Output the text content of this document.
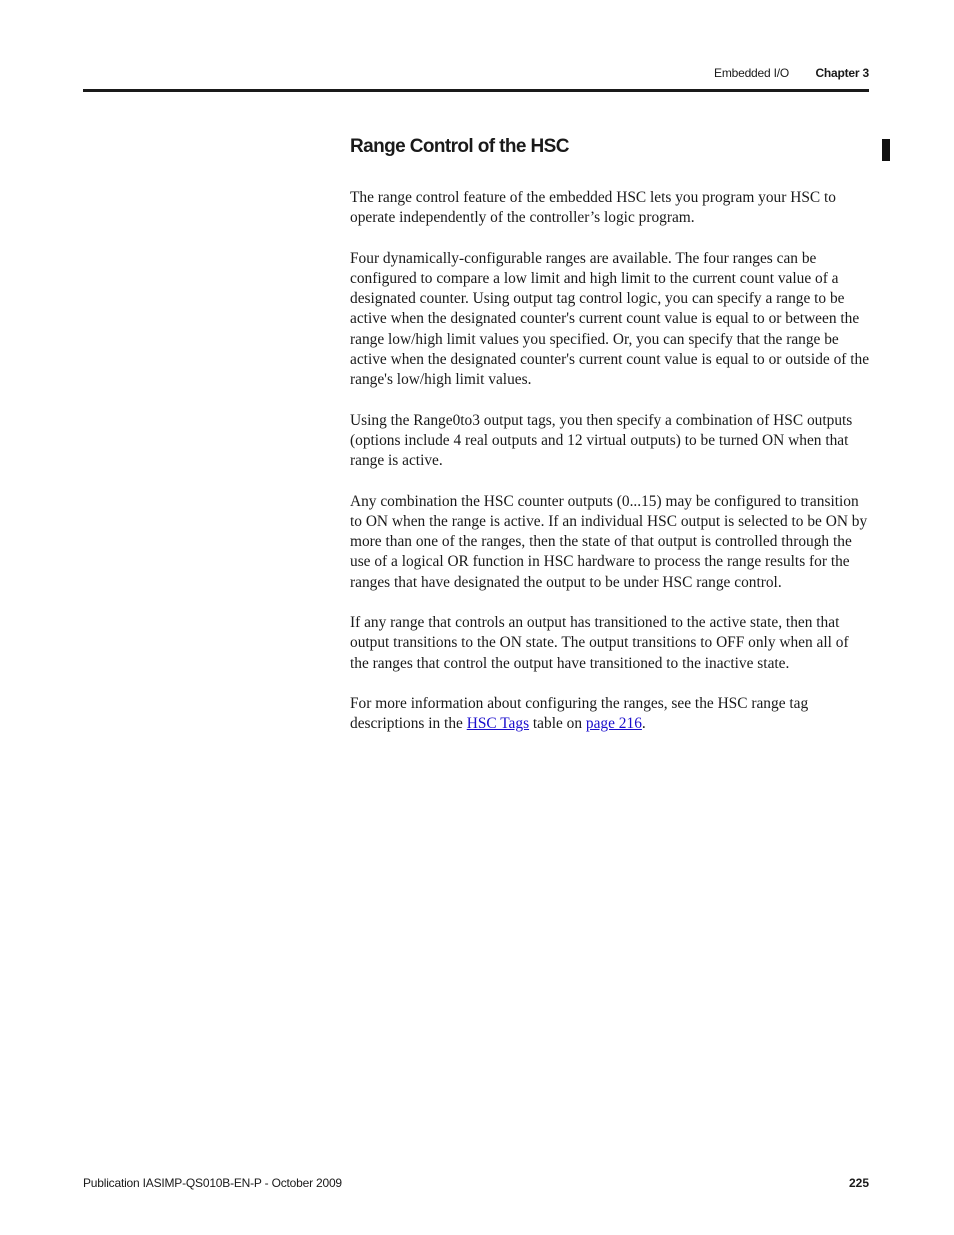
Embedded I/O Chapter 3
Range Control of the HSC

The range control feature of the embedded HSC lets you program your HSC to operate independently of the controller’s logic program.

Four dynamically-configurable ranges are available. The four ranges can be configured to compare a low limit and high limit to the current count value of a designated counter. Using output tag control logic, you can specify a range to be active when the designated counter's current count value is equal to or between the range low/high limit values you specified. Or, you can specify that the range be active when the designated counter's current count value is equal to or outside of the range's low/high limit values.

Using the Range0to3 output tags, you then specify a combination of HSC outputs (options include 4 real outputs and 12 virtual outputs) to be turned ON when that range is active.

Any combination the HSC counter outputs (0...15) may be configured to transition to ON when the range is active. If an individual HSC output is selected to be ON by more than one of the ranges, then the state of that output is controlled through the use of a logical OR function in HSC hardware to process the range results for the ranges that have designated the output to be under HSC range control.

If any range that controls an output has transitioned to the active state, then that output transitions to the ON state. The output transitions to OFF only when all of the ranges that control the output have transitioned to the inactive state.

For more information about configuring the ranges, see the HSC range tag descriptions in the HSC Tags table on page 216.

Publication IASIMP-QS010B-EN-P - October 2009	225
